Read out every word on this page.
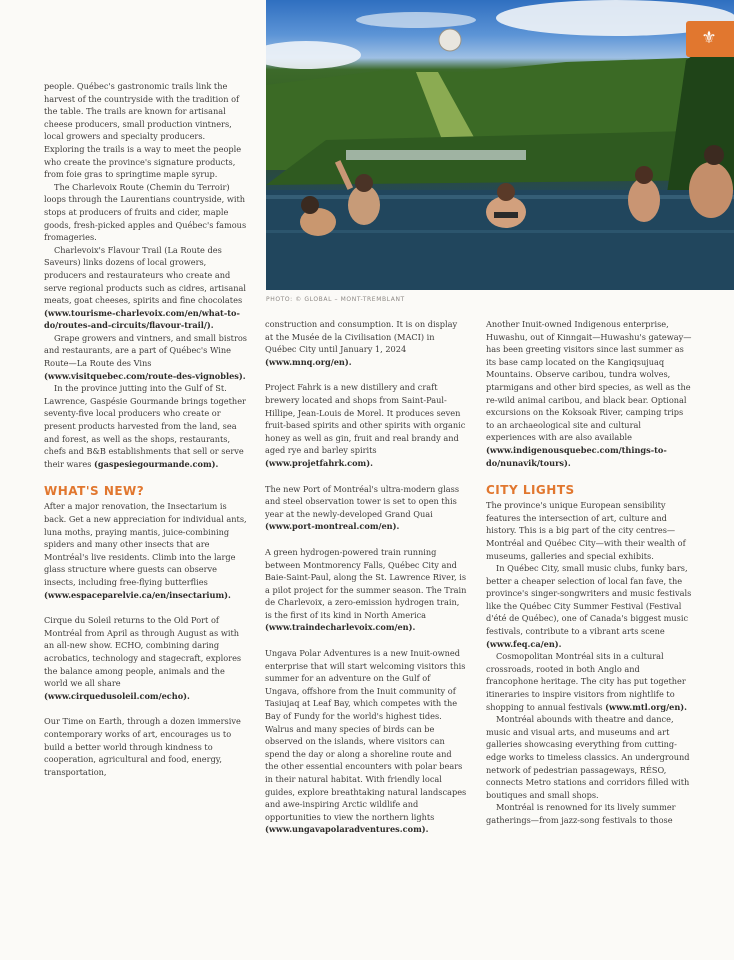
⚜
PHOTO: © GLOBAL – MONT-TREMBLANT

people. Québec's gastronomic trails link the harvest of the countryside with the tradition of the table. The trails are known for artisanal cheese producers, small production vintners, local growers and specialty producers. Exploring the trails is a way to meet the people who create the province's signature products, from foie gras to springtime maple syrup.

The Charlevoix Route (Chemin du Terroir) loops through the Laurentians countryside, with stops at producers of fruits and cider, maple goods, fresh-picked apples and Québec's famous fromageries.

Charlevoix's Flavour Trail (La Route des Saveurs) links dozens of local growers, producers and restaurateurs who create and serve regional products such as cidres, artisanal meats, goat cheeses, spirits and fine chocolates (www.tourisme-charlevoix.com/en/what-to-do/routes-and-circuits/flavour-trail/).

Grape growers and vintners, and small bistros and restaurants, are a part of Québec's Wine Route—La Route des Vins (www.visitquebec.com/route-des-vignobles).

In the province jutting into the Gulf of St. Lawrence, Gaspésie Gourmande brings together seventy-five local producers who create or present products harvested from the land, sea and forest, as well as the shops, restaurants, chefs and B&B establishments that sell or serve their wares (gaspesiegourmande.com).

WHAT'S NEW?

After a major renovation, the Insectarium is back. Get a new appreciation for individual ants, luna moths, praying mantis, juice-combining spiders and many other insects that are Montréal's live residents. Climb into the large glass structure where guests can observe insects, including free-flying butterflies (www.espaceparelvie.ca/en/insectarium).

Cirque du Soleil returns to the Old Port of Montréal from April as through August as with an all-new show. ECHO, combining daring acrobatics, technology and stagecraft, explores the balance among people, animals and the world we all share (www.cirquedusoleil.com/echo).

Our Time on Earth, through a dozen immersive contemporary works of art, encourages us to build a better world through kindness to cooperation, agricultural and food, energy, transportation,

construction and consumption. It is on display at the Musée de la Civilisation (MACI) in Québec City until January 1, 2024 (www.mnq.org/en).

Project Fahrk is a new distillery and craft brewery located and shops from Saint-Paul-Hillipe, Jean-Louis de Morel. It produces seven fruit-based spirits and other spirits with organic honey as well as gin, fruit and real brandy and aged rye and barley spirits (www.projetfahrk.com).

The new Port of Montréal's ultra-modern glass and steel observation tower is set to open this year at the newly-developed Grand Quai (www.port-montreal.com/en).

A green hydrogen-powered train running between Montmorency Falls, Québec City and Baie-Saint-Paul, along the St. Lawrence River, is a pilot project for the summer season. The Train de Charlevoix, a zero-emission hydrogen train, is the first of its kind in North America (www.traindecharlevoix.com/en).

Ungava Polar Adventures is a new Inuit-owned enterprise that will start welcoming visitors this summer for an adventure on the Gulf of Ungava, offshore from the Inuit community of Tasiujaq at Leaf Bay, which competes with the Bay of Fundy for the world's highest tides. Walrus and many species of birds can be observed on the islands, where visitors can spend the day or along a shoreline route and the other essential encounters with polar bears in their natural habitat. With friendly local guides, explore breathtaking natural landscapes and awe-inspiring Arctic wildlife and opportunities to view the northern lights (www.ungavapolaradventures.com).

Another Inuit-owned Indigenous enterprise, Huwashu, out of Kinngait—Huwashu's gateway—has been greeting visitors since last summer as its base camp located on the Kangiqsujuaq Mountains. Observe caribou, tundra wolves, ptarmigans and other bird species, as well as the re-wild animal caribou, and black bear. Optional excursions on the Koksoak River, camping trips to an archaeological site and cultural experiences with are also available (www.indigenousquebec.com/things-to-do/nunavik/tours).

CITY LIGHTS

The province's unique European sensibility features the intersection of art, culture and history. This is a big part of the city centres—Montréal and Québec City—with their wealth of museums, galleries and special exhibits.

In Québec City, small music clubs, funky bars, better a cheaper selection of local fan fave, the province's singer-songwriters and music festivals like the Québec City Summer Festival (Festival d'été de Québec), one of Canada's biggest music festivals, contribute to a vibrant arts scene (www.feq.ca/en).

Cosmopolitan Montréal sits in a cultural crossroads, rooted in both Anglo and francophone heritage. The city has put together itineraries to inspire visitors from nightlife to shopping to annual festivals (www.mtl.org/en).

Montréal abounds with theatre and dance, music and visual arts, and museums and art galleries showcasing everything from cutting-edge works to timeless classics. An underground network of pedestrian passageways, RÉSO, connects Metro stations and corridors filled with boutiques and small shops.

Montréal is renowned for its lively summer gatherings—from jazz-song festivals to those
